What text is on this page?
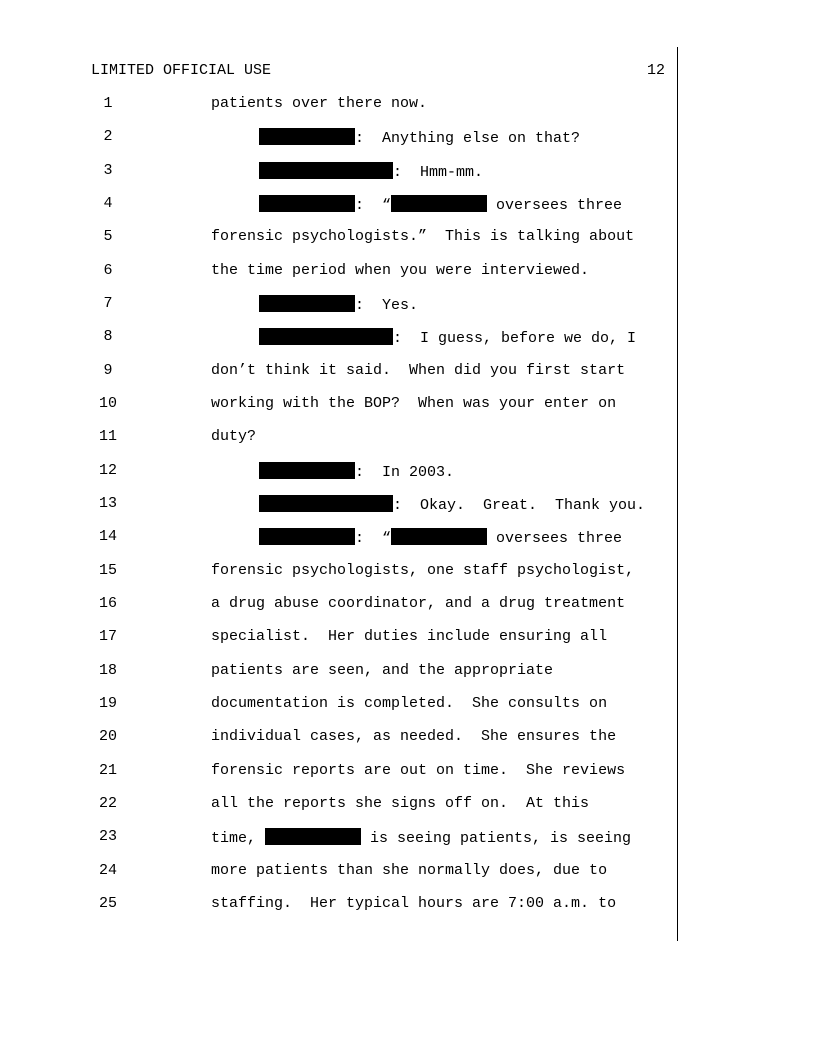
LIMITED OFFICIAL USE	12
1	patients over there now.
2	:  Anything else on that?
3	:  Hmm-mm.
4	:  “	oversees three
5	forensic psychologists.”  This is talking about
6	the time period when you were interviewed.
7	:  Yes.
8	:  I guess, before we do, I
9	don’t think it said.  When did you first start
10	working with the BOP?  When was your enter on
11	duty?
12	:  In 2003.
13	:  Okay.  Great.  Thank you.
14	:  “	oversees three
15	forensic psychologists, one staff psychologist,
16	a drug abuse coordinator, and a drug treatment
17	specialist.  Her duties include ensuring all
18	patients are seen, and the appropriate
19	documentation is completed.  She consults on
20	individual cases, as needed.  She ensures the
21	forensic reports are out on time.  She reviews
22	all the reports she signs off on.  At this
23	time,	is seeing patients, is seeing
24	more patients than she normally does, due to
25	staffing.  Her typical hours are 7:00 a.m. to
